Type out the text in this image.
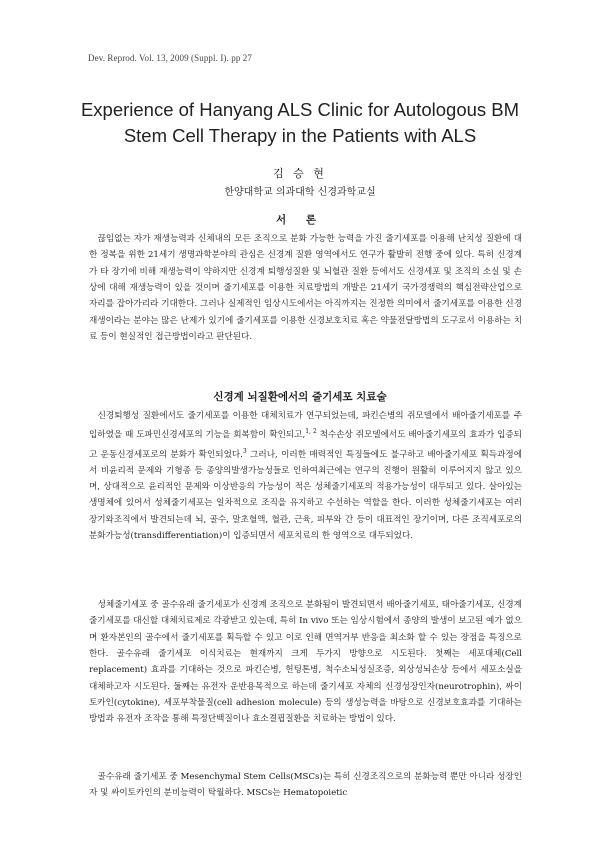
Dev. Reprod. Vol. 13, 2009 (Suppl. I). pp 27
Experience of Hanyang ALS Clinic for Autologous BM
Stem Cell Therapy in the Patients with ALS
김 승 현
한양대학교 의과대학 신경과학교실
서 론

끊임없는 자가 재생능력과 신체내의 모든 조직으로 분화 가능한 능력을 가진 줄기세포를 이용해 난치성 질환에 대한 정복을 위한 21세기 생명과학분야의 관심은 신경계 질환 영역에서도 연구가 활발히 전행 중에 있다. 특히 신경계가 타 장기에 비해 재생능력이 약하지만 신경계 퇴행성질환 및 뇌혈관 질환 등에서도 신경세포 및 조직의 소실 및 손상에 대해 재생능력이 있을 것이며 줄기세포를 이용한 치료방법의 개발은 21세기 국가경쟁력의 핵심전략산업으로 자리를 잡아가리라 기대한다. 그러나 실제적인 임상시도에서는 아직까지는 진정한 의미에서 줄기세포를 이용한 신경재생이라는 분야는 많은 난제가 있기에 줄기세포를 이용한 신경보호치료 혹은 약물전달방법의 도구로서 이용하는 치료 등이 현실적인 접근방법이라고 판단된다.

신경계 뇌질환에서의 줄기세포 치료술

신경퇴행성 질환에서도 줄기세포를 이용한 대체치료가 연구되었는데, 파킨슨병의 쥐모델에서 배아줄기세포를 주입하였을 때 도파민신경세포의 기능을 회복함이 확인되고,$^{1, 2}$ 척수손상 쥐모델에서도 배아줄기세포의 효과가 입증되고 운동신경세포로의 분화가 확인되었다.$^3$ 그러나, 이러한 매력적인 특징들에도 불구하고 배아줄기세포 획득과정에서 비윤리적 문제와 기형종 등 종양의발생가능성들로 인하여최근에는 연구의 진행이 원활히 이루어지지 않고 있으며, 상대적으로 윤리적인 문제와 이상반응의 가능성이 적은 성체줄기세포의 적용가능성이 대두되고 있다. 살아있는 생명체에 있어서 성체줄기세포는 일차적으로 조직을 유지하고 수선하는 역할을 한다. 이러한 성체줄기세포는 여러 장기와조직에서 발견되는데 뇌, 골수, 말초혈액, 혈관, 근육, 피부와 간 등이 대표적인 장기이며, 다른 조직세포로의 분화가능성(transdifferentiation)이 입증되면서 세포치료의 한 영역으로 대두되었다.

성체줄기세포 중 골수유래 줄기세포가 신경계 조직으로 분화됨이 발견되면서 배아줄기세포, 태아줄기세포, 신경계줄기세포를 대신할 대체치료제로 각광받고 있는데, 특히 In vivo 또는 임상시험에서 종양의 발생이 보고된 예가 없으며 환자본인의 골수에서 줄기세포를 획득할 수 있고 이로 인해 면역거부 반응을 최소화 할 수 있는 장점을 특징으로 한다. 골수유래 줄기세포 이식치료는 현재까지 크게 두가지 방향으로 시도된다. 첫째는 세포대체(Cell replacement) 효과를 기대하는 것으로 파킨슨병, 헌팅톤병, 척수소뇌성실조증, 외상성뇌손상 등에서 세포소실을 대체하고자 시도된다. 둘째는 유전자 운반용목적으로 하는데 줄기세포 자체의 신경성장인자(neurotrophin), 싸이토카인(cytokine), 세포부착물질(cell adhesion molecule) 등의 생성능력을 바탕으로 신경보호효과를 기대하는 방법과 유전자 조작을 통해 특정단백질이나 효소결핍질환을 치료하는 방법이 있다.

골수유래 줄기세포 중 Mesenchymal Stem Cells(MSCs)는 특히 신경조직으로의 분화능력 뿐만 아니라 성장인자 및 싸이토카인의 분비능력이 탁월하다. MSCs는 Hematopoietic
